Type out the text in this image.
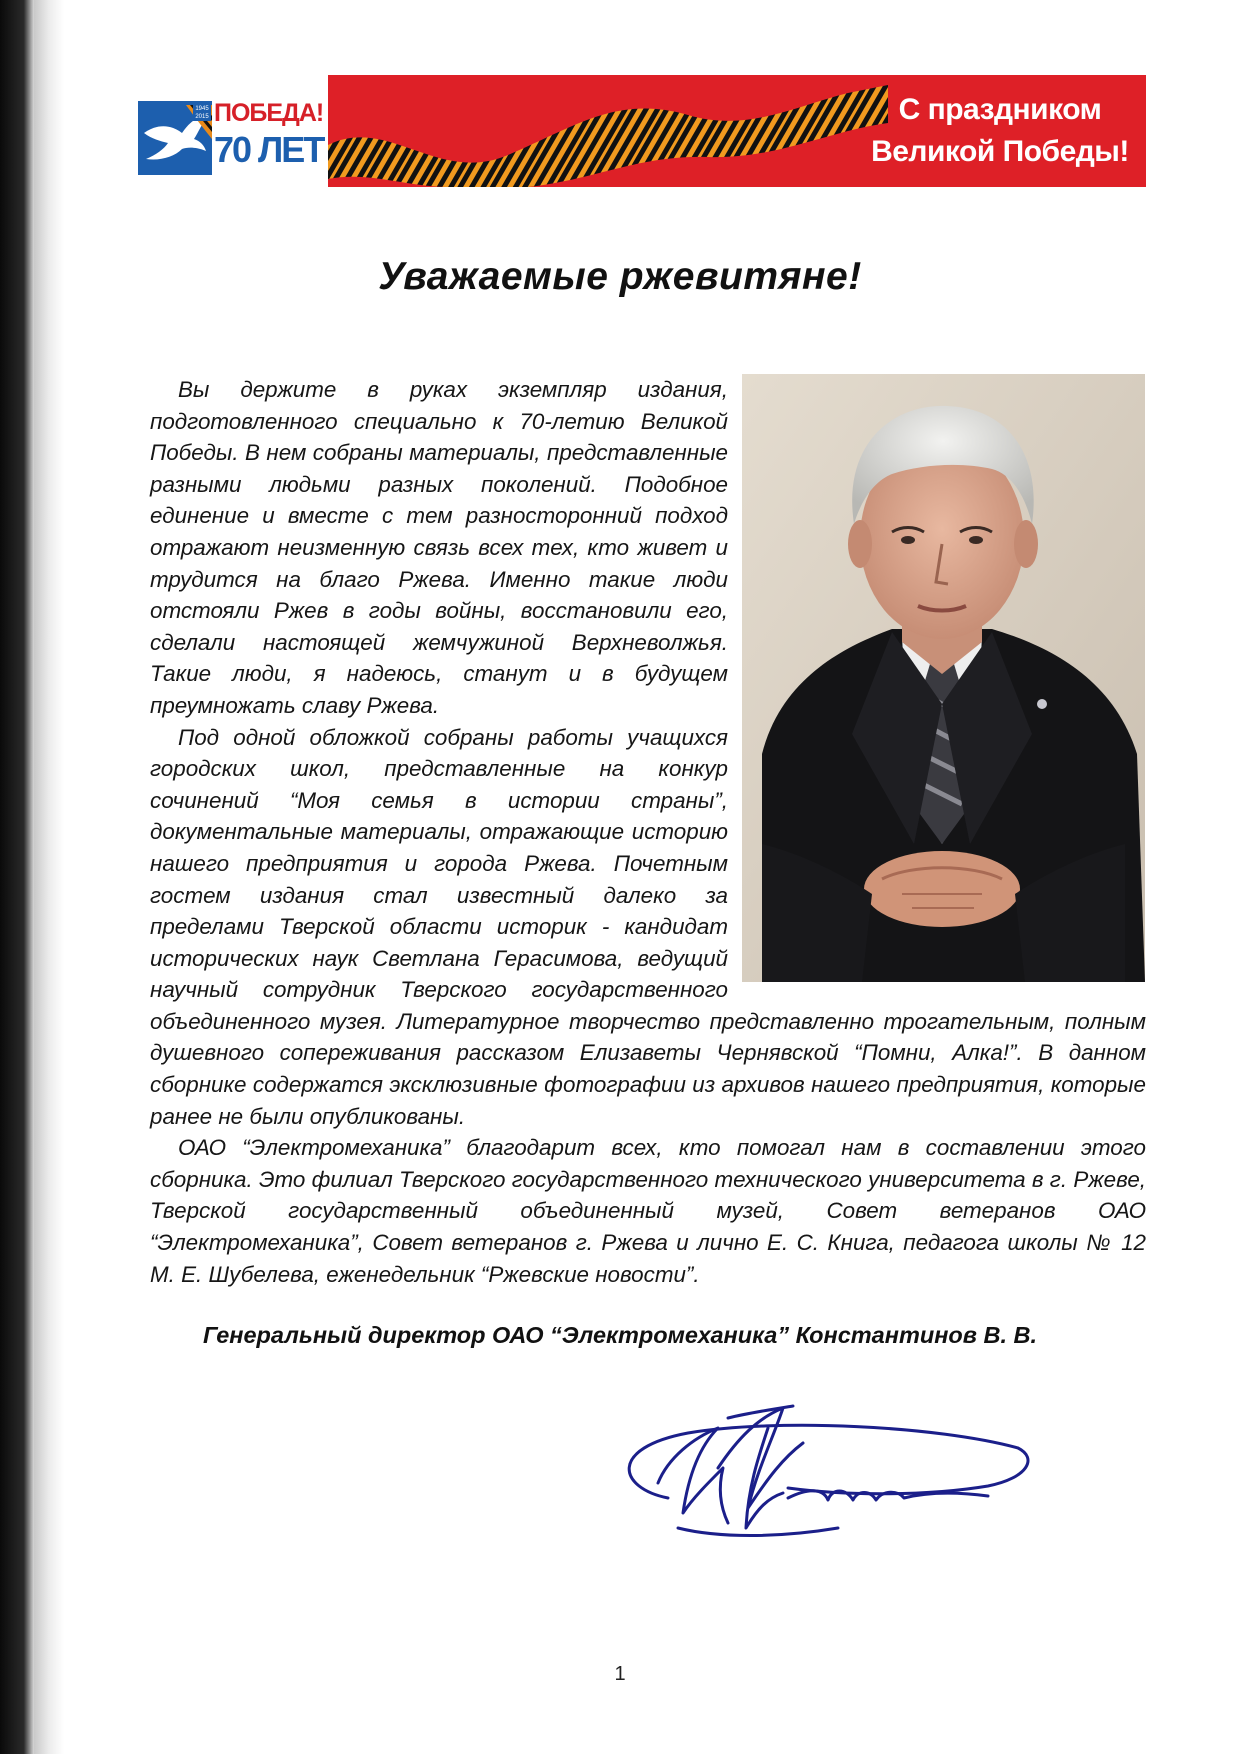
1945
2015 ПОБЕДА!
70 ЛЕТ
С праздником
Великой Победы!
Уважаемые ржевитяне!

Вы держите в руках экземпляр издания, подготовленного специально к 70-летию Великой Победы. В нем собраны материалы, представленные разными людьми разных поколений. Подобное единение и вместе с тем разносторонний подход отражают неизменную связь всех тех, кто живет и трудится на благо Ржева. Именно такие люди отстояли Ржев в годы войны, восстановили его, сделали настоящей жемчужиной Верхневолжья. Такие люди, я надеюсь, станут и в будущем преумножать славу Ржева.

Под одной обложкой собраны работы учащихся городских школ, представленные на конкур сочинений “Моя семья в истории страны”, документальные материалы, отражающие историю нашего предприятия и города Ржева. Почетным гостем издания стал известный далеко за пределами Тверской области историк - кандидат исторических наук Светлана Герасимова, ведущий научный сотрудник Тверского государственного объединенного музея. Литературное творчество представленно трогательным, полным душевного сопереживания рассказом Елизаветы Чернявской “Помни, Алка!”. В данном сборнике содержатся эксклюзивные фотографии из архивов нашего предприятия, которые ранее не были опубликованы.

ОАО “Электромеханика” благодарит всех, кто помогал нам в составлении этого сборника. Это филиал Тверского государственного технического университета в г. Ржеве, Тверской государственный объединенный музей, Совет ветеранов ОАО “Электромеханика”, Совет ветеранов г. Ржева и лично Е. С. Книга, педагога школы № 12 М. Е. Шубелева, еженедельник “Ржевские новости”.

Генеральный директор ОАО “Электромеханика” Константинов В. В.
1
